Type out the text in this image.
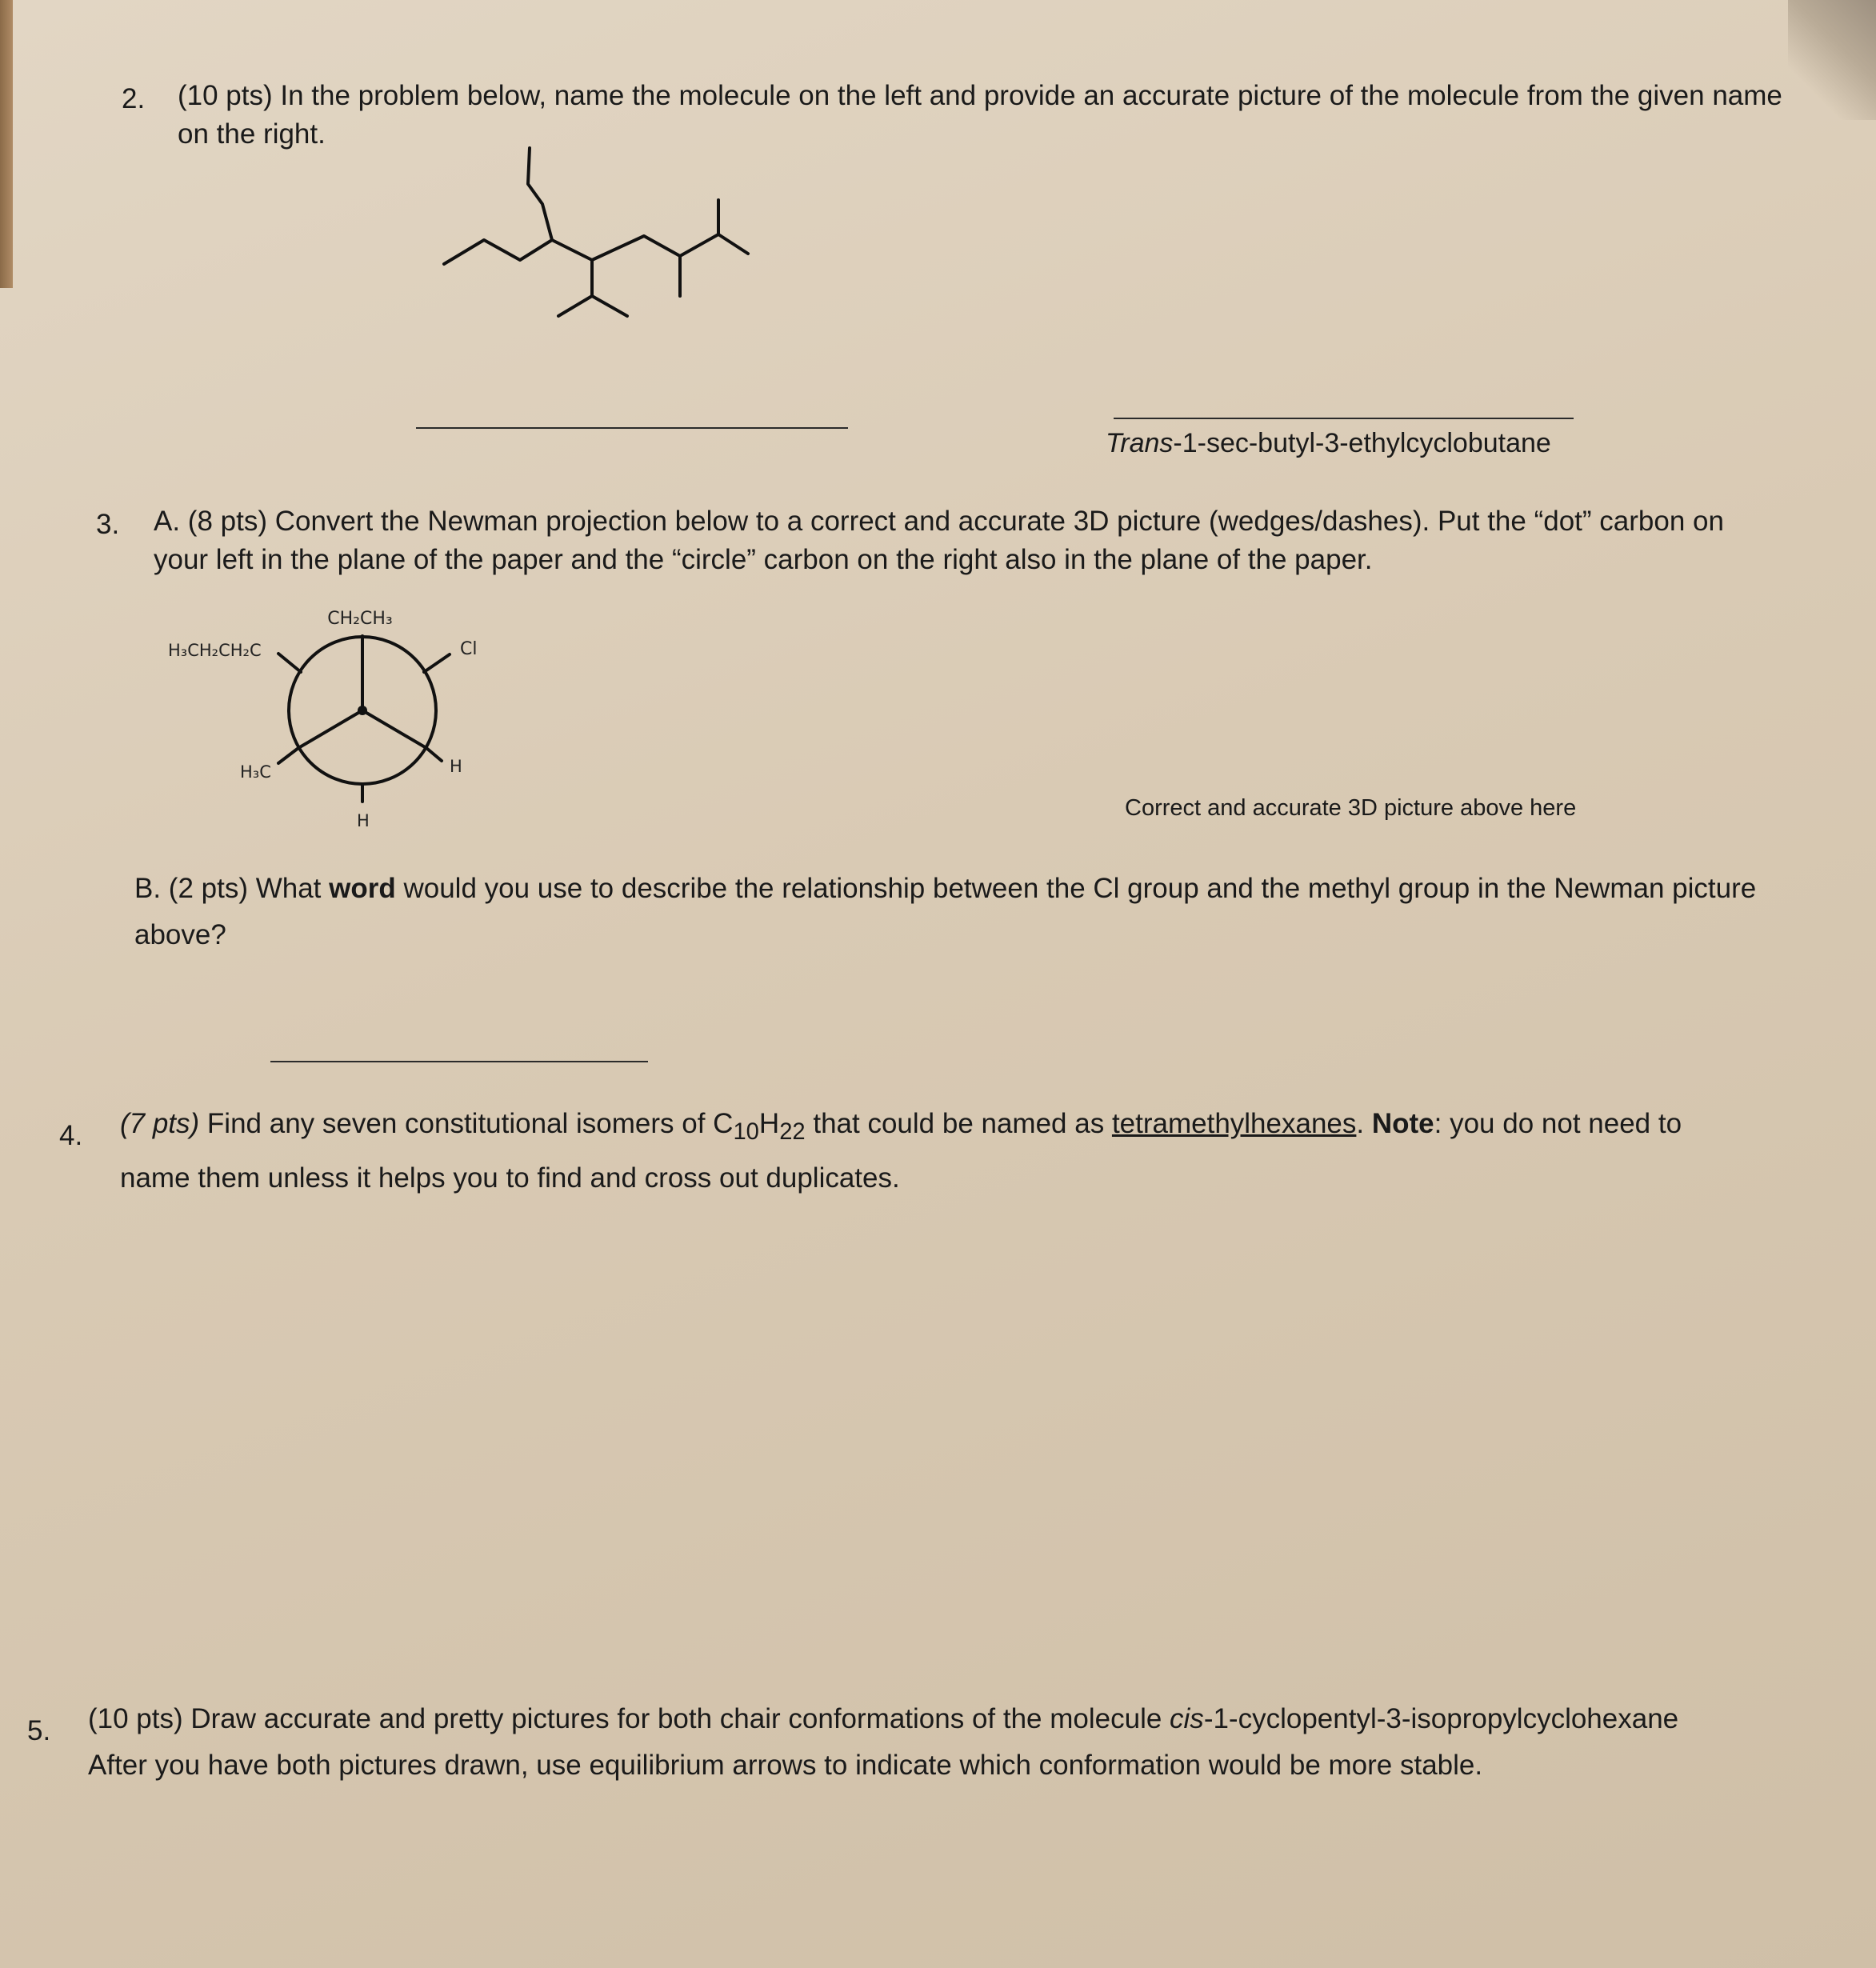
2. (10 pts) In the problem below, name the molecule on the left and provide an accurate picture of the molecule from the given name
on the right.
Trans-1-sec-butyl-3-ethylcyclobutane
3. A. (8 pts) Convert the Newman projection below to a correct and accurate 3D picture (wedges/dashes). Put the “dot” carbon on
your left in the plane of the paper and the “circle” carbon on the right also in the plane of the paper.
CH₂CH₃
H₃CH₂CH₂C	Cl
H₃C	H
H	Correct and accurate 3D picture above here
B. (2 pts) What word would you use to describe the relationship between the Cl group and the methyl group in the Newman picture
above?
4. (7 pts) Find any seven constitutional isomers of $C_{10}H_{22}$ that could be named as tetramethylhexanes. Note: you do not need to
name them unless it helps you to find and cross out duplicates.
5. (10 pts) Draw accurate and pretty pictures for both chair conformations of the molecule cis-1-cyclopentyl-3-isopropylcyclohexane
After you have both pictures drawn, use equilibrium arrows to indicate which conformation would be more stable.
